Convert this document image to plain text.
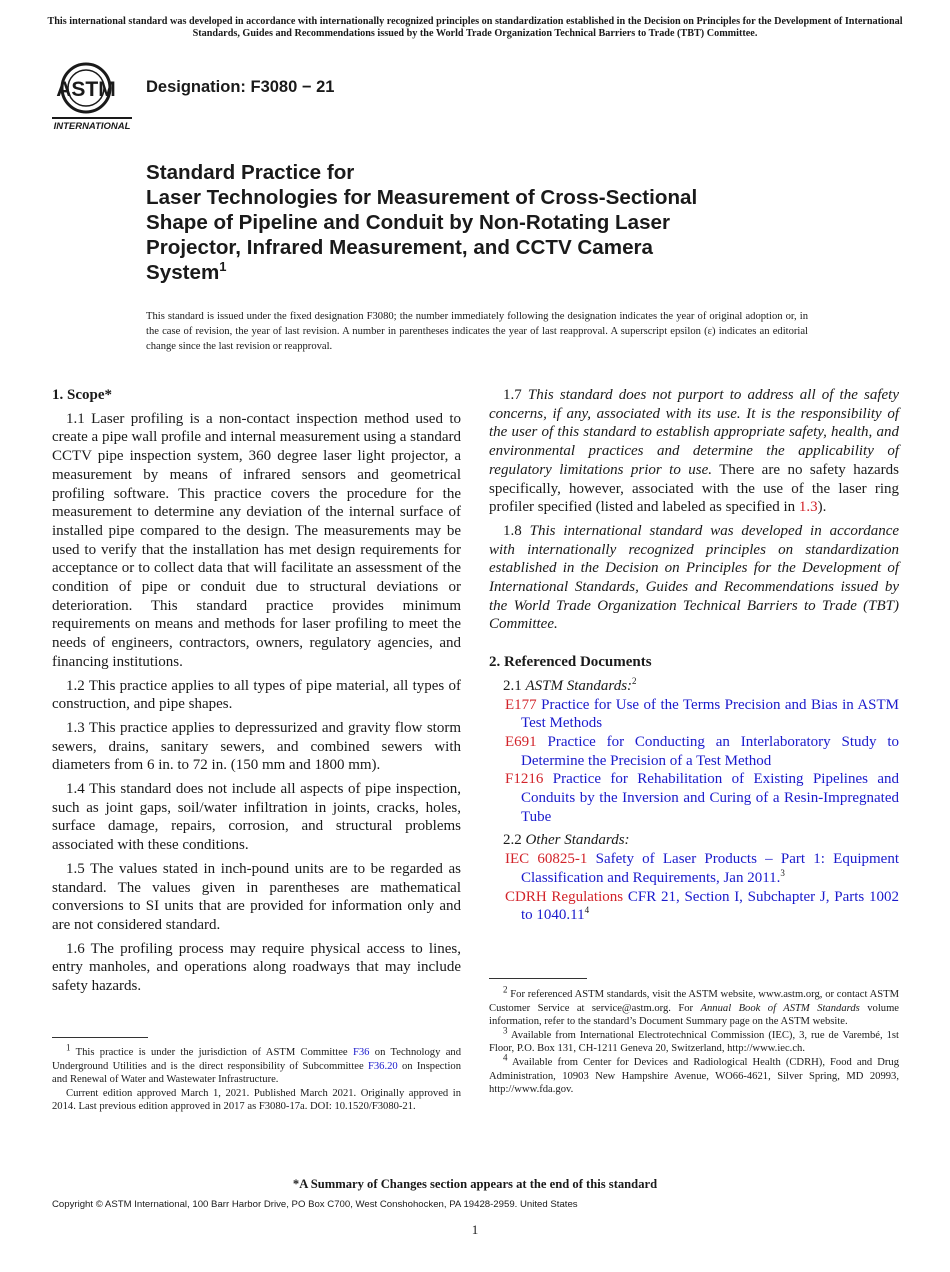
This international standard was developed in accordance with internationally recognized principles on standardization established in the Decision on Principles for the Development of International Standards, Guides and Recommendations issued by the World Trade Organization Technical Barriers to Trade (TBT) Committee.
ASTM
INTERNATIONAL
Designation: F3080 − 21
Standard Practice for
Laser Technologies for Measurement of Cross-Sectional
Shape of Pipeline and Conduit by Non-Rotating Laser
Projector, Infrared Measurement, and CCTV Camera
System$^1$
This standard is issued under the fixed designation F3080; the number immediately following the designation indicates the year of original adoption or, in the case of revision, the year of last revision. A number in parentheses indicates the year of last reapproval. A superscript epsilon (ε) indicates an editorial change since the last revision or reapproval.

1. Scope*

1.1 Laser profiling is a non-contact inspection method used to create a pipe wall profile and internal measurement using a standard CCTV pipe inspection system, 360 degree laser light projector, a measurement by means of infrared sensors and geometrical profiling software. This practice covers the procedure for the measurement to determine any deviation of the internal surface of installed pipe compared to the design. The measurements may be used to verify that the installation has met design requirements for acceptance or to collect data that will facilitate an assessment of the condition of pipe or conduit due to structural deviations or deterioration. This standard practice provides minimum requirements on means and methods for laser profiling to meet the needs of engineers, contractors, owners, regulatory agencies, and financing institutions.

1.2 This practice applies to all types of pipe material, all types of construction, and pipe shapes.

1.3 This practice applies to depressurized and gravity flow storm sewers, drains, sanitary sewers, and combined sewers with diameters from 6 in. to 72 in. (150 mm and 1800 mm).

1.4 This standard does not include all aspects of pipe inspection, such as joint gaps, soil/water infiltration in joints, cracks, holes, surface damage, repairs, corrosion, and structural problems associated with these conditions.

1.5 The values stated in inch-pound units are to be regarded as standard. The values given in parentheses are mathematical conversions to SI units that are provided for information only and are not considered standard.

1.6 The profiling process may require physical access to lines, entry manholes, and operations along roadways that may include safety hazards.

1.7 This standard does not purport to address all of the safety concerns, if any, associated with its use. It is the responsibility of the user of this standard to establish appropriate safety, health, and environmental practices and determine the applicability of regulatory limitations prior to use. There are no safety hazards specifically, however, associated with the use of the laser ring profiler specified (listed and labeled as specified in 1.3).

1.8 This international standard was developed in accordance with internationally recognized principles on standardization established in the Decision on Principles for the Development of International Standards, Guides and Recommendations issued by the World Trade Organization Technical Barriers to Trade (TBT) Committee.

2. Referenced Documents

2.1 ASTM Standards:$^2$

E177 Practice for Use of the Terms Precision and Bias in ASTM Test Methods

E691 Practice for Conducting an Interlaboratory Study to Determine the Precision of a Test Method

F1216 Practice for Rehabilitation of Existing Pipelines and Conduits by the Inversion and Curing of a Resin-Impregnated Tube

2.2 Other Standards:

IEC 60825-1 Safety of Laser Products – Part 1: Equipment Classification and Requirements, Jan 2011.$^3$

CDRH Regulations CFR 21, Section I, Subchapter J, Parts 1002 to 1040.11$^4$

$^1$ This practice is under the jurisdiction of ASTM Committee F36 on Technology and Underground Utilities and is the direct responsibility of Subcommittee F36.20 on Inspection and Renewal of Water and Wastewater Infrastructure.

Current edition approved March 1, 2021. Published March 2021. Originally approved in 2014. Last previous edition approved in 2017 as F3080-17a. DOI: 10.1520/F3080-21.

$^2$ For referenced ASTM standards, visit the ASTM website, www.astm.org, or contact ASTM Customer Service at service@astm.org. For Annual Book of ASTM Standards volume information, refer to the standard’s Document Summary page on the ASTM website.

$^3$ Available from International Electrotechnical Commission (IEC), 3, rue de Varembé, 1st Floor, P.O. Box 131, CH-1211 Geneva 20, Switzerland, http://www.iec.ch.

$^4$ Available from Center for Devices and Radiological Health (CDRH), Food and Drug Administration, 10903 New Hampshire Avenue, WO66-4621, Silver Spring, MD 20993, http://www.fda.gov.

*A Summary of Changes section appears at the end of this standard
Copyright © ASTM International, 100 Barr Harbor Drive, PO Box C700, West Conshohocken, PA 19428-2959. United States
1
